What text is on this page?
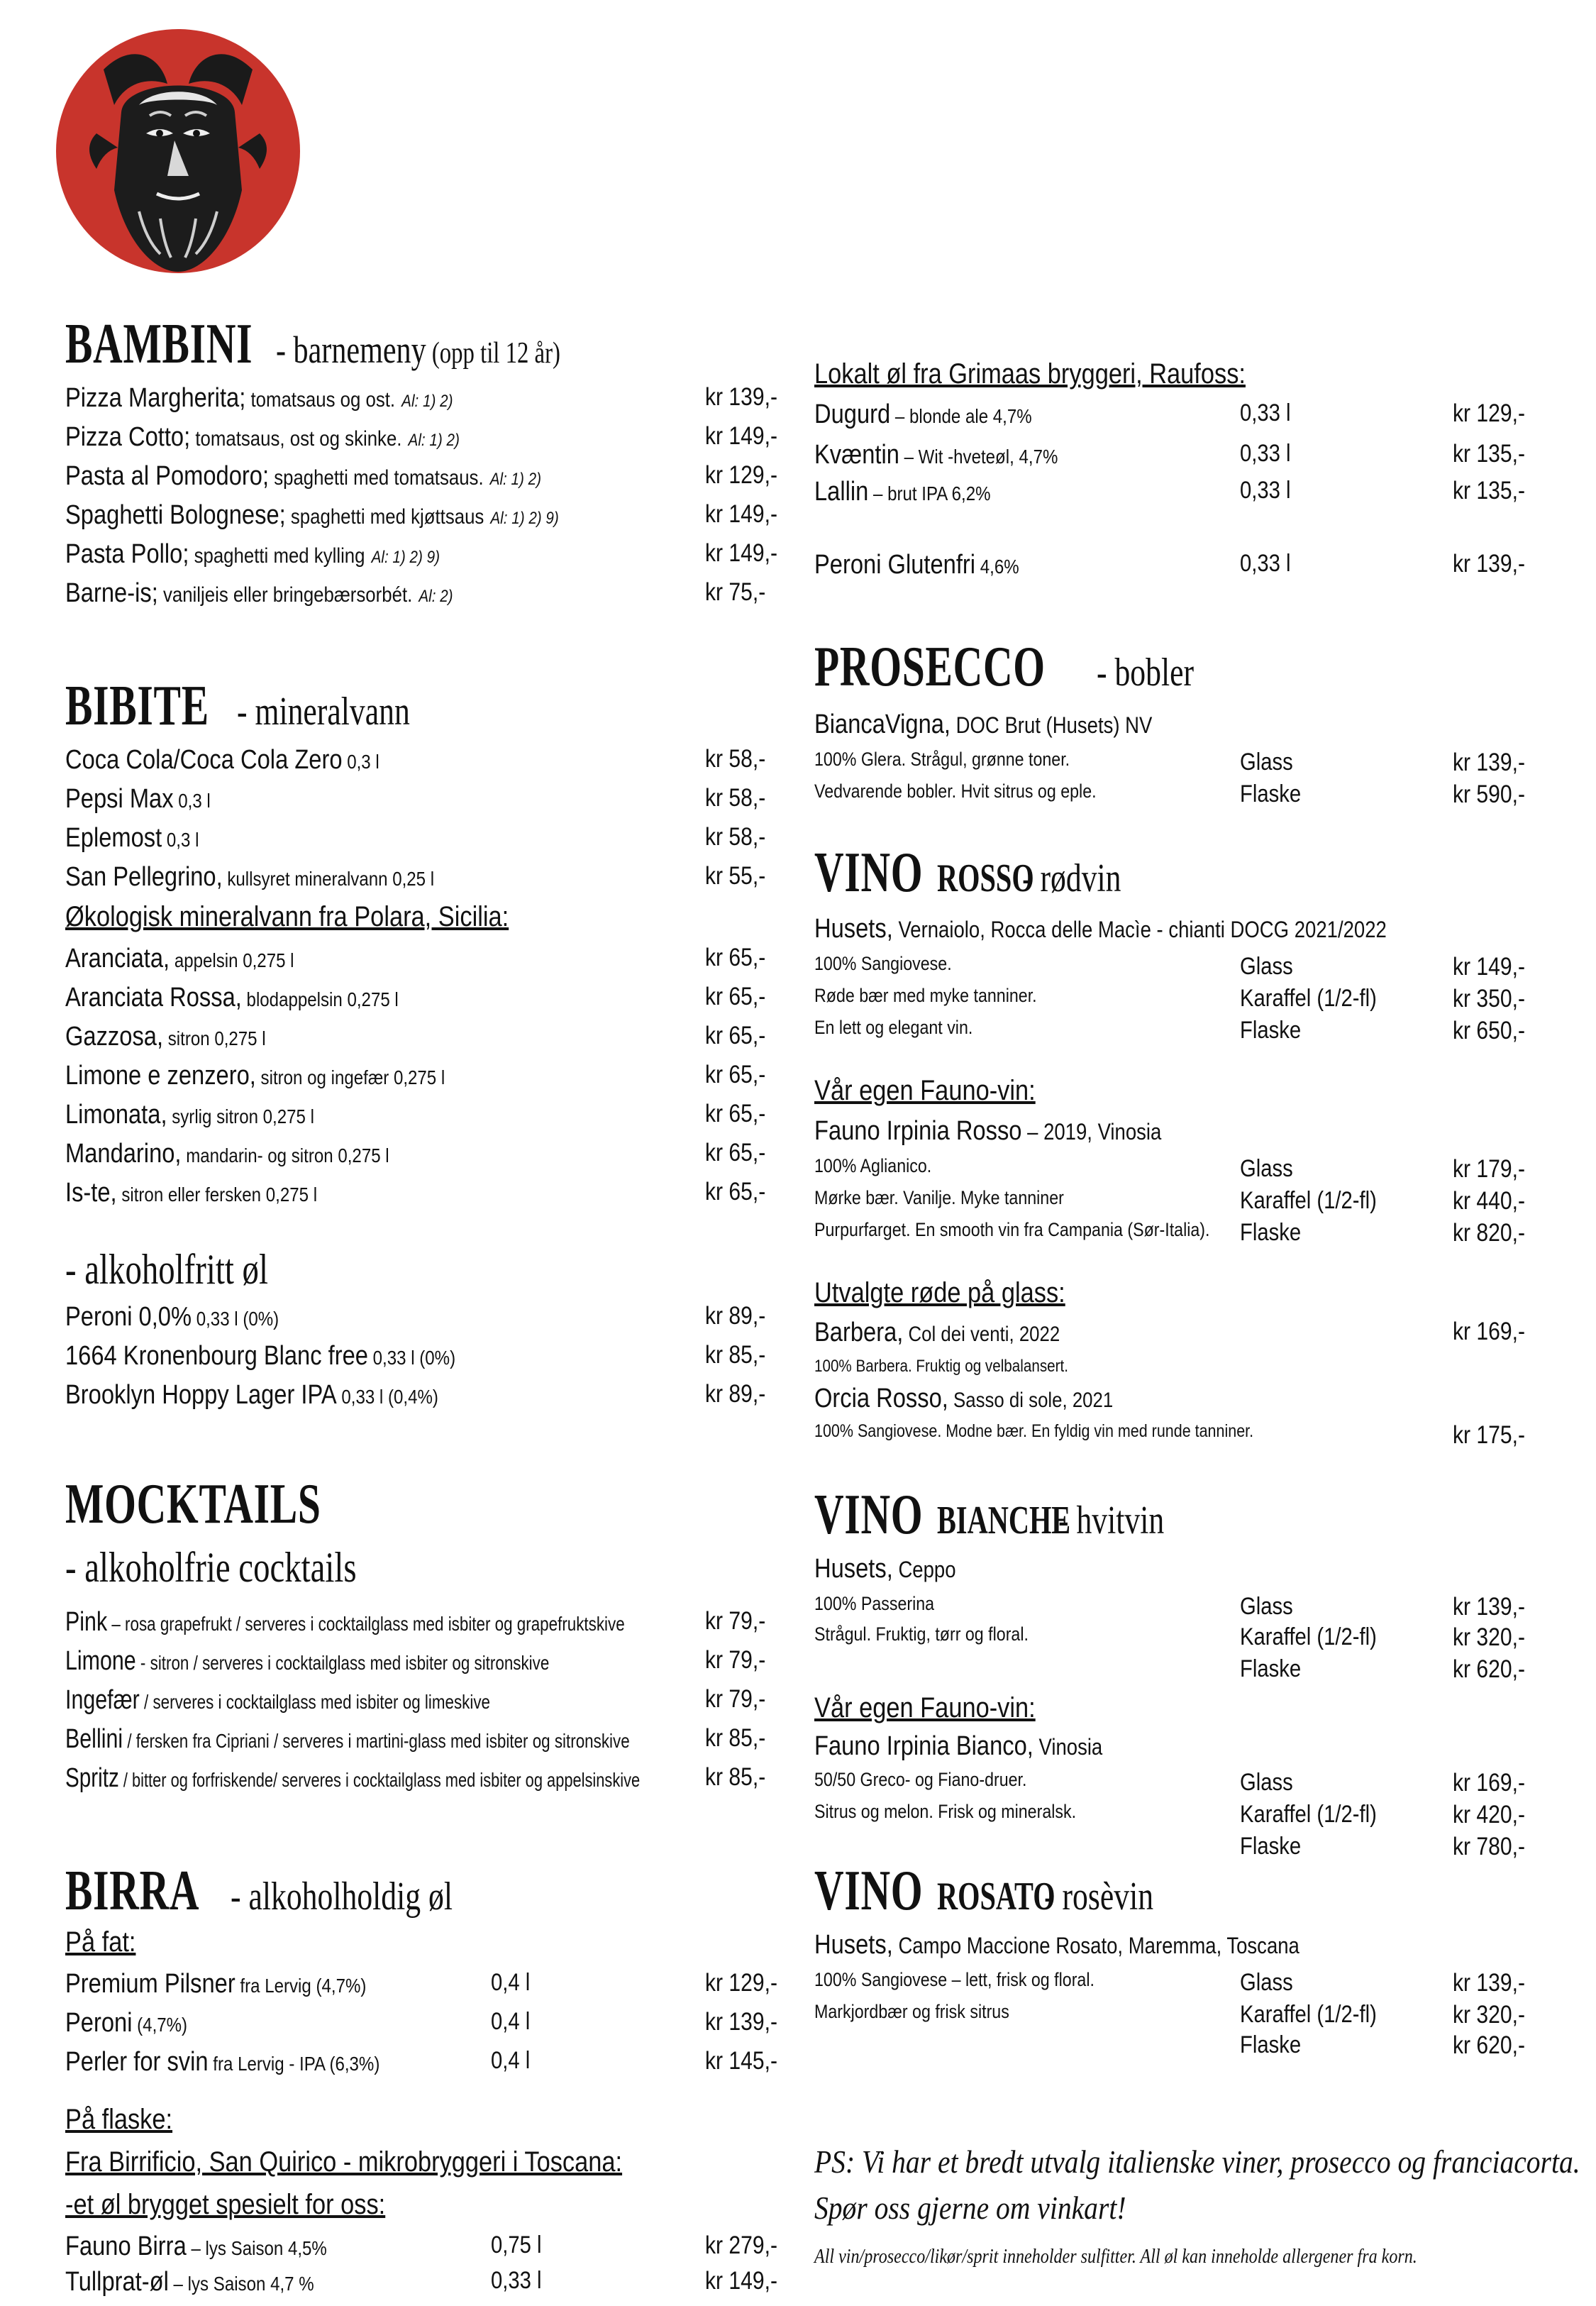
BAMBINI- barnemeny (opp til 12 år)
Pizza Margherita; tomatsaus og ost. Al: 1) 2)	kr 139,-
Pizza Cotto; tomatsaus, ost og skinke. Al: 1) 2)	kr 149,-
Pasta al Pomodoro; spaghetti med tomatsaus. Al: 1) 2)	kr 129,-
Spaghetti Bolognese; spaghetti med kjøttsaus Al: 1) 2) 9)	kr 149,-
Pasta Pollo; spaghetti med kylling Al: 1) 2) 9)	kr 149,-
Barne-is; vaniljeis eller bringebærsorbét. Al: 2)	kr 75,-
BIBITE- mineralvann
Coca Cola/Coca Cola Zero 0,3 l	kr 58,-
Pepsi Max 0,3 l	kr 58,-
Eplemost 0,3 l	kr 58,-
San Pellegrino, kullsyret mineralvann 0,25 l	kr 55,-
Økologisk mineralvann fra Polara, Sicilia:
Aranciata, appelsin 0,275 l	kr 65,-
Aranciata Rossa, blodappelsin 0,275 l	kr 65,-
Gazzosa, sitron 0,275 l	kr 65,-
Limone e zenzero, sitron og ingefær 0,275 l	kr 65,-
Limonata, syrlig sitron 0,275 l	kr 65,-
Mandarino, mandarin- og sitron 0,275 l	kr 65,-
Is-te, sitron eller fersken 0,275 l	kr 65,-
- alkoholfritt øl
Peroni 0,0% 0,33 l (0%)	kr 89,-
1664 Kronenbourg Blanc free 0,33 l (0%)	kr 85,-
Brooklyn Hoppy Lager IPA 0,33 l (0,4%)	kr 89,-
MOCKTAILS
- alkoholfrie cocktails
Pink – rosa grapefrukt / serveres i cocktailglass med isbiter og grapefruktskive	kr 79,-
Limone - sitron / serveres i cocktailglass med isbiter og sitronskive	kr 79,-
Ingefær / serveres i cocktailglass med isbiter og limeskive	kr 79,-
Bellini / fersken fra Cipriani / serveres i martini-glass med isbiter og sitronskive	kr 85,-
Spritz / bitter og forfriskende/ serveres i cocktailglass med isbiter og appelsinskive	kr 85,-
BIRRA- alkoholholdig øl
På fat:
Premium Pilsner fra Lervig (4,7%)	0,4 l	kr 129,-
Peroni (4,7%)	0,4 l	kr 139,-
Perler for svin fra Lervig - IPA (6,3%)	0,4 l	kr 145,-
På flaske:
Fra Birrificio, San Quirico - mikrobryggeri i Toscana:
-et øl brygget spesielt for oss:
Fauno Birra – lys Saison 4,5%	0,75 l	kr 279,-
Tullprat-øl – lys Saison 4,7 %	0,33 l	kr 149,-
Lokalt øl fra Grimaas bryggeri, Raufoss:
Dugurd – blonde ale 4,7%	0,33 l	kr 129,-
Kvæntin – Wit -hveteøl, 4,7%	0,33 l	kr 135,-
Lallin – brut IPA 6,2%	0,33 l	kr 135,-
Peroni Glutenfri 4,6%	0,33 l	kr 139,-
PROSECCO- bobler
BiancaVigna, DOC Brut (Husets) NV
100% Glera. Strågul, grønne toner.	Glass	kr 139,-
Vedvarende bobler. Hvit sitrus og eple.	Flaske	kr 590,-
VINOROSSO- rødvin
Husets, Vernaiolo, Rocca delle Macìe - chianti DOCG 2021/2022
100% Sangiovese.	Glass	kr 149,-
Røde bær med myke tanniner.	Karaffel (1/2-fl)	kr 350,-
En lett og elegant vin.	Flaske	kr 650,-
Vår egen Fauno-vin:
Fauno Irpinia Rosso – 2019, Vinosia
100% Aglianico.	Glass	kr 179,-
Mørke bær. Vanilje. Myke tanniner	Karaffel (1/2-fl)	kr 440,-
Purpurfarget. En smooth vin fra Campania (Sør-Italia). Flaske	kr 820,-
Utvalgte røde på glass:
Barbera, Col dei venti, 2022	kr 169,-
100% Barbera. Fruktig og velbalansert.
Orcia Rosso, Sasso di sole, 2021
100% Sangiovese. Modne bær. En fyldig vin med runde tanniner.	kr 175,-
VINOBIANCHE- hvitvin
Husets, Ceppo
100% Passerina	Glass	kr 139,-
Strågul. Fruktig, tørr og floral.	Karaffel (1/2-fl)	kr 320,-
Flaske	kr 620,-
Vår egen Fauno-vin:
Fauno Irpinia Bianco, Vinosia
50/50 Greco- og Fiano-druer.	Glass	kr 169,-
Sitrus og melon. Frisk og mineralsk.	Karaffel (1/2-fl)	kr 420,-
Flaske	kr 780,-
VINOROSATO- rosèvin
Husets, Campo Maccione Rosato, Maremma, Toscana
100% Sangiovese – lett, frisk og floral.	Glass	kr 139,-
Markjordbær og frisk sitrus	Karaffel (1/2-fl)	kr 320,-
Flaske	kr 620,-
PS: Vi har et bredt utvalg italienske viner, prosecco og franciacorta.
Spør oss gjerne om vinkart!
All vin/prosecco/likør/sprit inneholder sulfitter. All øl kan inneholde allergener fra korn.
